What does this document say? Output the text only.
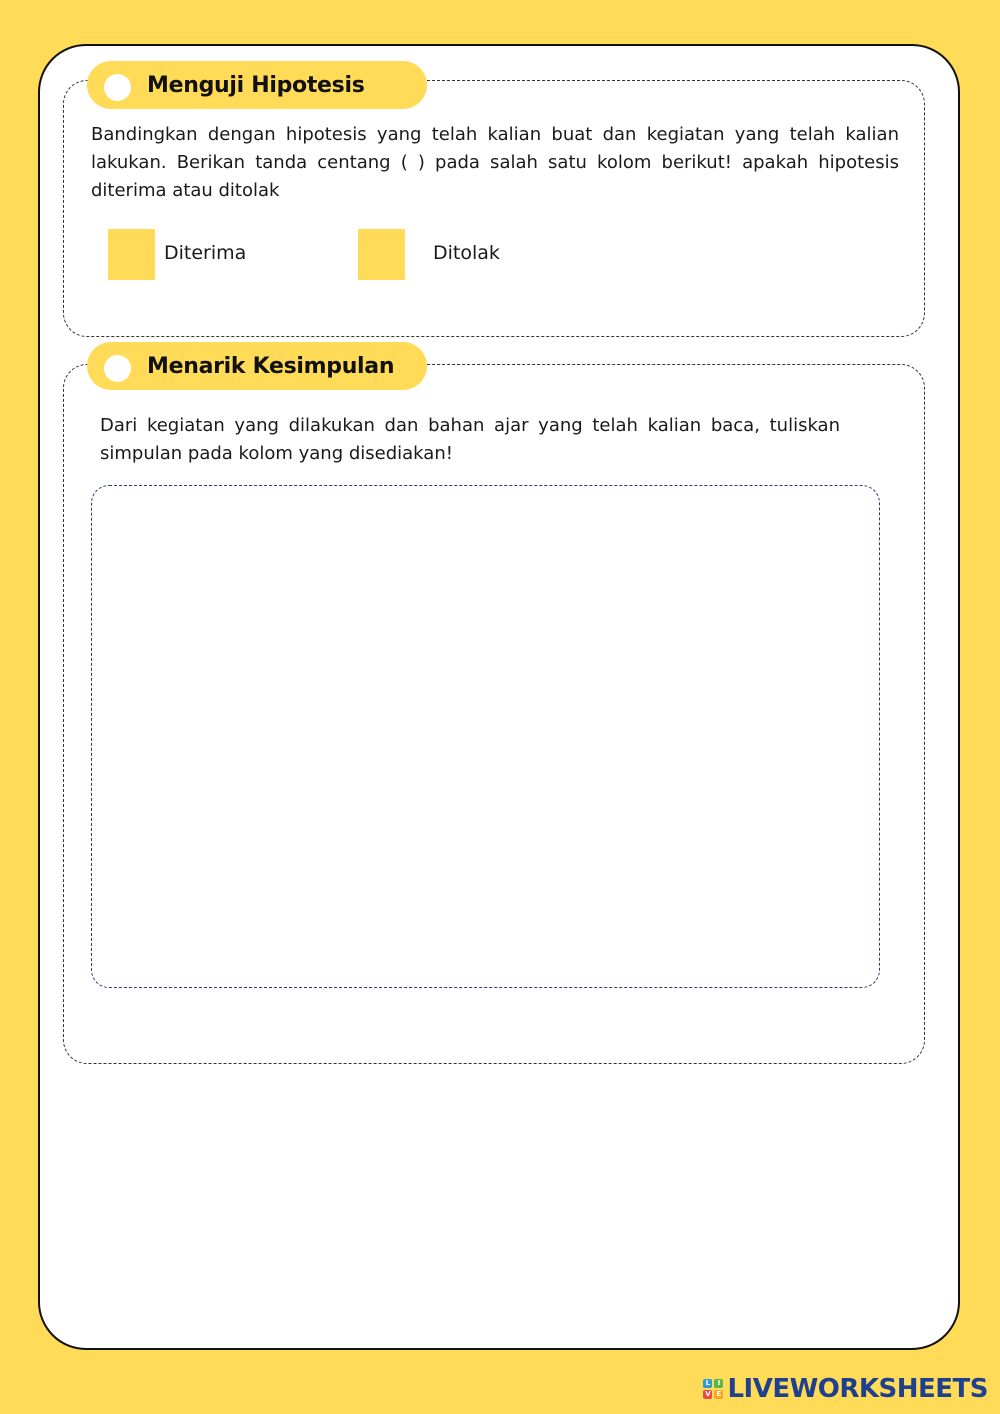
Menguji Hipotesis
Bandingkan dengan hipotesis yang telah kalian buat dan kegiatan yang telah kalian lakukan. Berikan tanda centang ( ) pada salah satu kolom berikut! apakah hipotesis diterima atau ditolak
Diterima	Ditolak
Menarik Kesimpulan
Dari kegiatan yang dilakukan dan bahan ajar yang telah kalian baca, tuliskan simpulan pada kolom yang disediakan!
L	I
V E LIVEWORKSHEETS
